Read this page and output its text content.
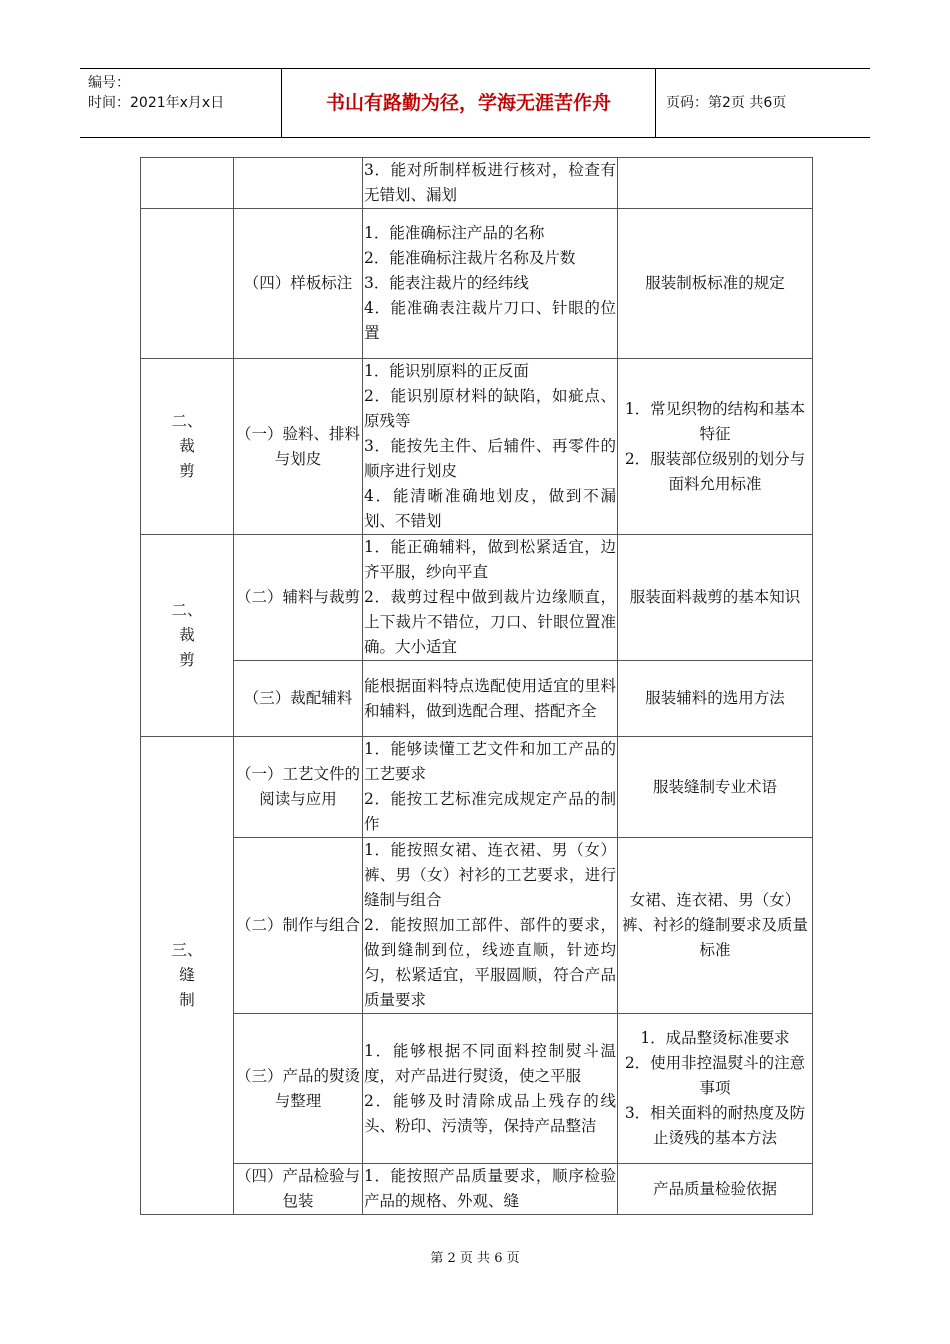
编号：
时间：2021年x月x日	书山有路勤为径，学海无涯苦作舟	页码：第2页 共6页

		3．能对所制样板进行核对，检查有无错划、漏划	

	（四）样板标注	1．能准确标注产品的名称
2．能准确标注裁片名称及片数
3．能表注裁片的经纬线
4．能准确表注裁片刀口、针眼的位置	服装制板标准的规定

二、
裁
剪	（一）验料、排料与划皮	1．能识别原料的正反面
2．能识别原材料的缺陷，如疵点、原残等
3．能按先主件、后辅件、再零件的顺序进行划皮
4．能清晰准确地划皮，做到不漏划、不错划	1．常见织物的结构和基本特征
2．服装部位级别的划分与面料允用标准

二、
裁
剪	（二）辅料与裁剪	1．能正确辅料，做到松紧适宜，边齐平服，纱向平直
2．裁剪过程中做到裁片边缘顺直，上下裁片不错位，刀口、针眼位置准确。大小适宜	服装面料裁剪的基本知识

	（三）裁配辅料	能根据面料特点选配使用适宜的里料和辅料，做到选配合理、搭配齐全	服装辅料的选用方法

三、
缝
制	（一）工艺文件的阅读与应用	1．能够读懂工艺文件和加工产品的工艺要求
2．能按工艺标准完成规定产品的制作	服装缝制专业术语

	（二）制作与组合	1．能按照女裙、连衣裙、男（女）裤、男（女）衬衫的工艺要求，进行缝制与组合
2．能按照加工部件、部件的要求，做到缝制到位，线迹直顺，针迹均匀，松紧适宜，平服圆顺，符合产品质量要求	女裙、连衣裙、男（女）裤、衬衫的缝制要求及质量标准

	（三）产品的熨烫与整理	1．能够根据不同面料控制熨斗温度，对产品进行熨烫，使之平服
2．能够及时清除成品上残存的线头、粉印、污渍等，保持产品整洁	1．成品整烫标准要求
2．使用非控温熨斗的注意事项
3．相关面料的耐热度及防止烫残的基本方法

	（四）产品检验与包装	1．能按照产品质量要求，顺序检验产品的规格、外观、缝	产品质量检验依据
第 2 页 共 6 页
